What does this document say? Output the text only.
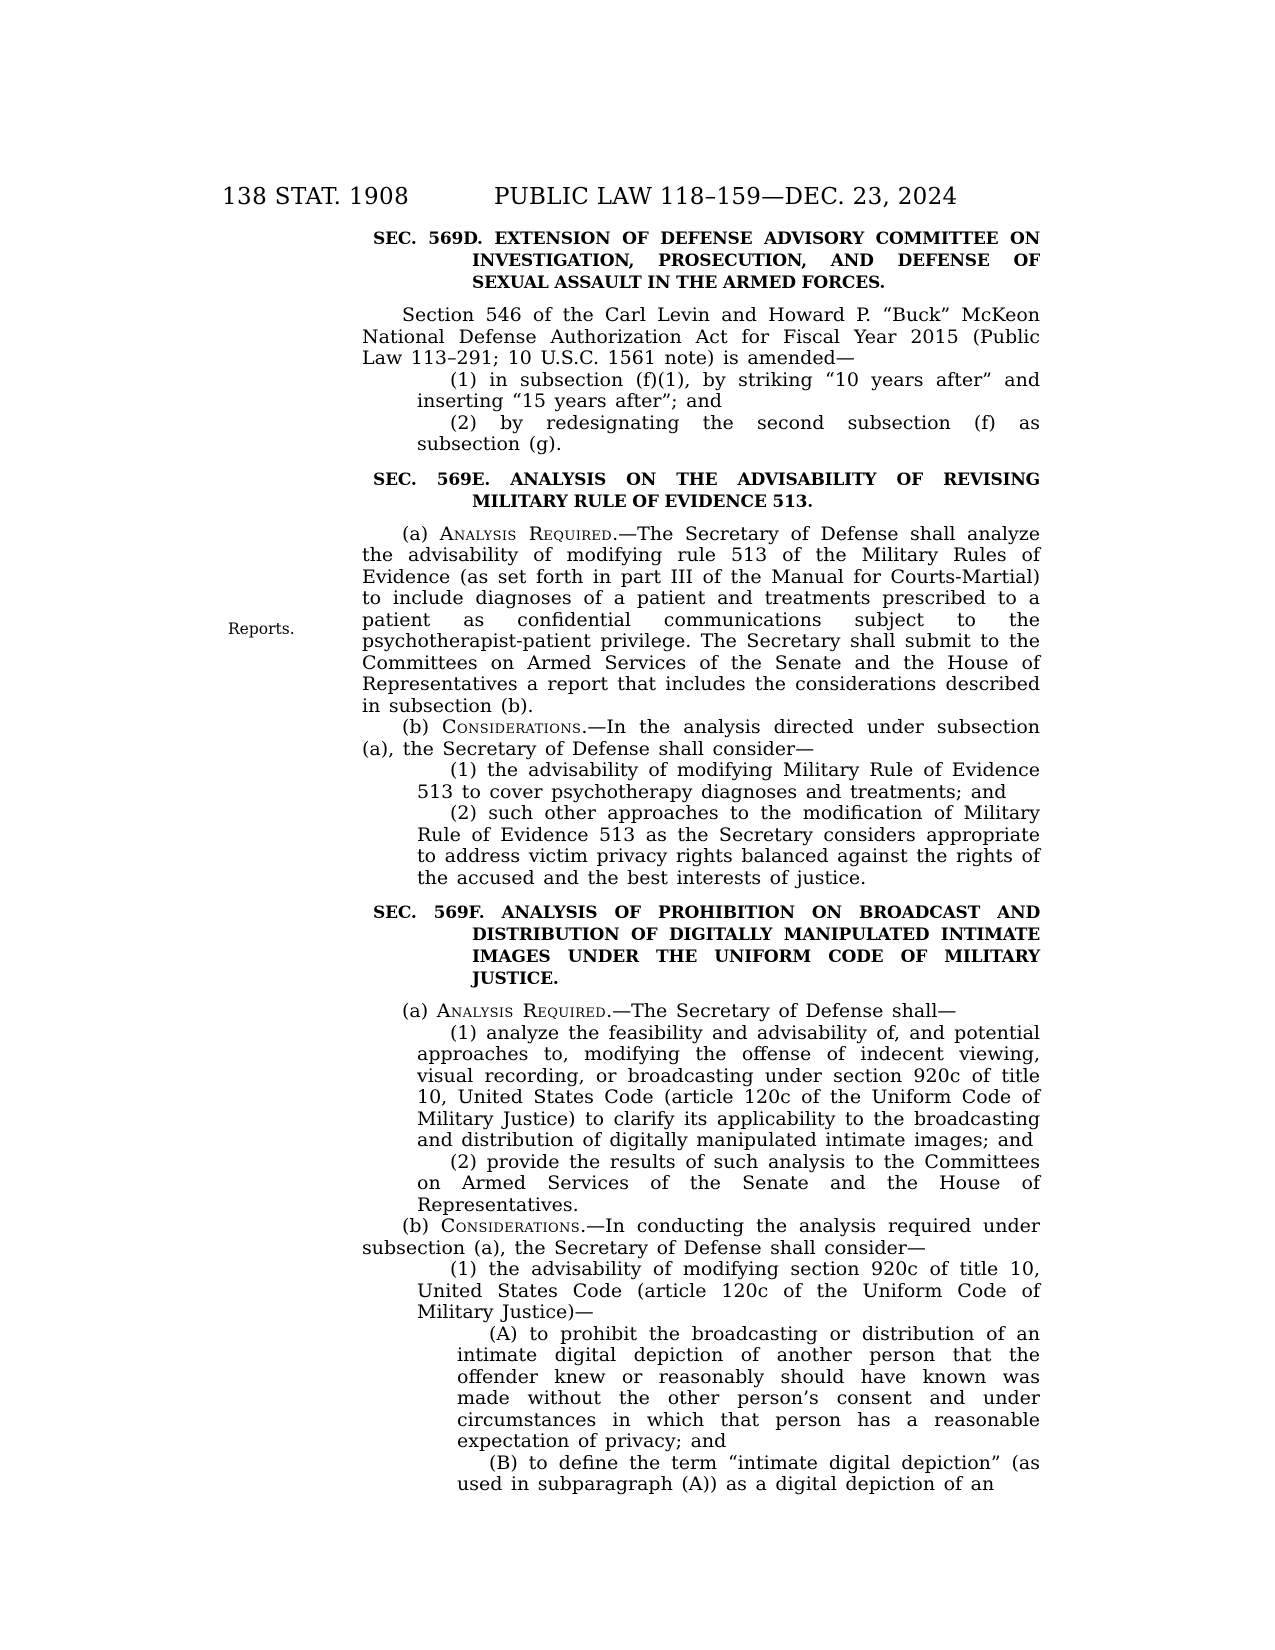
138 STAT. 1908	PUBLIC LAW 118–159—DEC. 23, 2024
Reports.
SEC. 569D. EXTENSION OF DEFENSE ADVISORY COMMITTEE ON INVESTIGATION, PROSECUTION, AND DEFENSE OF SEXUAL ASSAULT IN THE ARMED FORCES.
Section 546 of the Carl Levin and Howard P. “Buck” McKeon National Defense Authorization Act for Fiscal Year 2015 (Public Law 113–291; 10 U.S.C. 1561 note) is amended—
(1) in subsection (f)(1), by striking “10 years after” and inserting “15 years after”; and
(2) by redesignating the second subsection (f) as subsection (g).
SEC. 569E. ANALYSIS ON THE ADVISABILITY OF REVISING MILITARY RULE OF EVIDENCE 513.
(a) Analysis Required.—The Secretary of Defense shall analyze the advisability of modifying rule 513 of the Military Rules of Evidence (as set forth in part III of the Manual for Courts-Martial) to include diagnoses of a patient and treatments prescribed to a patient as confidential communications subject to the psychotherapist-patient privilege. The Secretary shall submit to the Committees on Armed Services of the Senate and the House of Representatives a report that includes the considerations described in subsection (b).
(b) Considerations.—In the analysis directed under subsection (a), the Secretary of Defense shall consider—
(1) the advisability of modifying Military Rule of Evidence 513 to cover psychotherapy diagnoses and treatments; and
(2) such other approaches to the modification of Military Rule of Evidence 513 as the Secretary considers appropriate to address victim privacy rights balanced against the rights of the accused and the best interests of justice.
SEC. 569F. ANALYSIS OF PROHIBITION ON BROADCAST AND DISTRIBUTION OF DIGITALLY MANIPULATED INTIMATE IMAGES UNDER THE UNIFORM CODE OF MILITARY JUSTICE.
(a) Analysis Required.—The Secretary of Defense shall—
(1) analyze the feasibility and advisability of, and potential approaches to, modifying the offense of indecent viewing, visual recording, or broadcasting under section 920c of title 10, United States Code (article 120c of the Uniform Code of Military Justice) to clarify its applicability to the broadcasting and distribution of digitally manipulated intimate images; and
(2) provide the results of such analysis to the Committees on Armed Services of the Senate and the House of Representatives.
(b) Considerations.—In conducting the analysis required under subsection (a), the Secretary of Defense shall consider—
(1) the advisability of modifying section 920c of title 10, United States Code (article 120c of the Uniform Code of Military Justice)—
(A) to prohibit the broadcasting or distribution of an intimate digital depiction of another person that the offender knew or reasonably should have known was made without the other person’s consent and under circumstances in which that person has a reasonable expectation of privacy; and
(B) to define the term “intimate digital depiction” (as used in subparagraph (A)) as a digital depiction of an
